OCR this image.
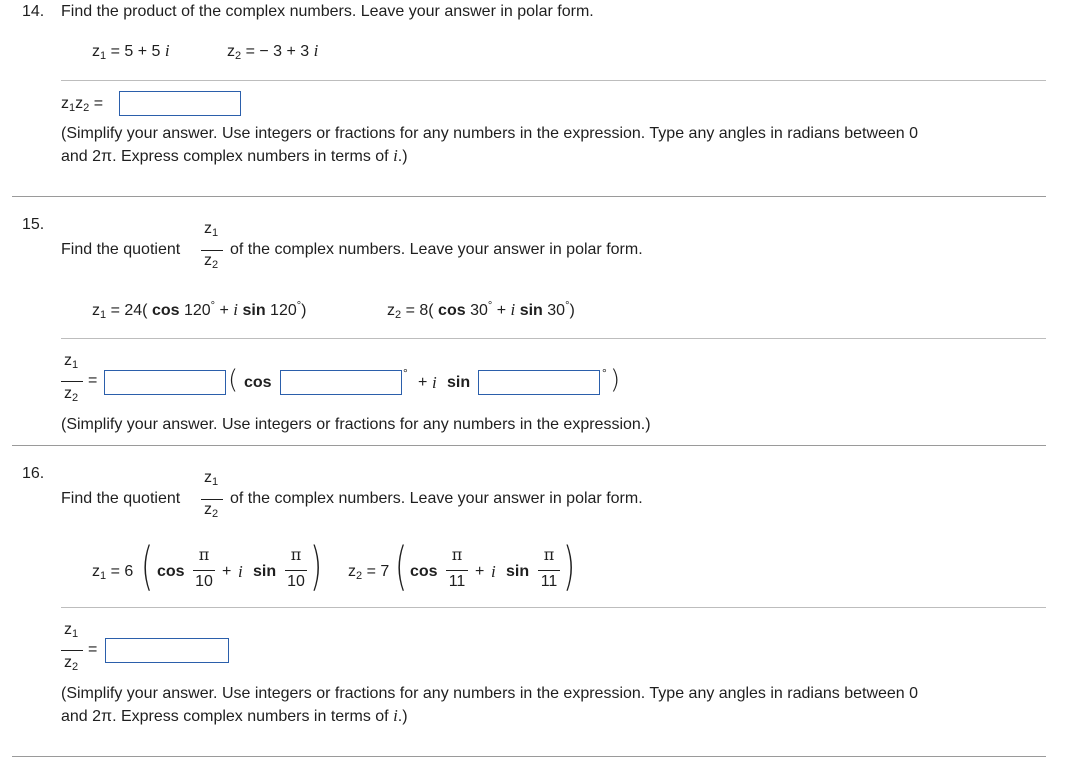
14. Find the product of the complex numbers. Leave your answer in polar form.
$z_1 = 5 + 5$ i	$z_2$ = − 3 + 3 i
$z_1z_2$ =
(Simplify your answer. Use integers or fractions for any numbers in the expression. Type any angles in radians between 0
and 2π. Express complex numbers in terms of i.)
15.
Find the quotient
$z_1$
$z_2$
of the complex numbers. Leave your answer in polar form.
$z_1 = 24$( cos 120° + i sin 120°)	$z_2 = 8$( cos 30° + i sin 30°)
$z_1$
$z_2$
=	( cos
°
+ i sin
° )
(Simplify your answer. Use integers or fractions for any numbers in the expression.)
16.
Find the quotient
$z_1$
$z_2$
of the complex numbers. Leave your answer in polar form.
$z_1 = 6$ ( cos
π
10
+ i sin
π
10 ) $z_2 = 7$ ( cos
π
11
+ i sin
π
11 )
$z_1$
$z_2$
=
(Simplify your answer. Use integers or fractions for any numbers in the expression. Type any angles in radians between 0
and 2π. Express complex numbers in terms of i.)
